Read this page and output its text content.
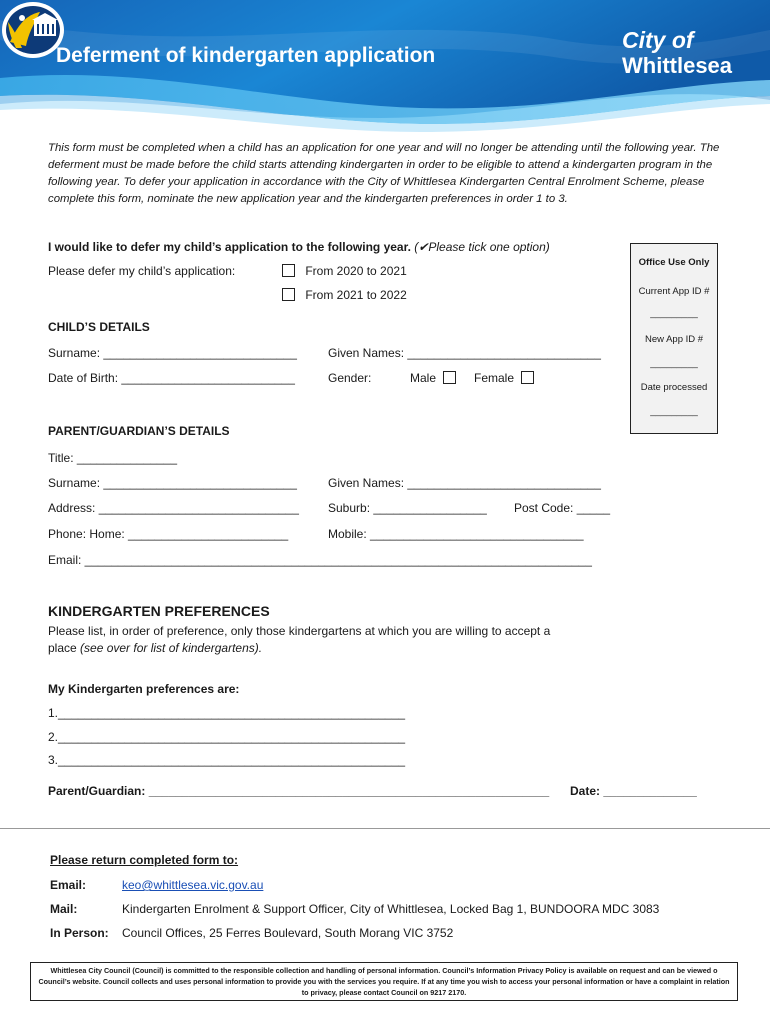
Deferment of kindergarten application
City of
Whittlesea
This form must be completed when a child has an application for one year and will no longer be attending until the following year. The deferment must be made before the child starts attending kindergarten in order to be eligible to attend a kindergarten program in the following year. To defer your application in accordance with the City of Whittlesea Kindergarten Central Enrolment Scheme, please complete this form, nominate the new application year and the kindergarten preferences in order 1 to 3.
I would like to defer my child’s application to the following year. (✔Please tick one option)
Please defer my child’s application:	From 2020 to 2021
From 2021 to 2022
Office Use Only
Current App ID #
_________
New App ID #
_________
Date processed
_________
CHILD’S DETAILS
Surname: _____________________________	Given Names: _____________________________
Date of Birth: __________________________	Gender:	Male	Female
PARENT/GUARDIAN’S DETAILS
Title: _______________
Surname: _____________________________	Given Names: _____________________________
Address: ______________________________ Suburb: _________________ Post Code: _____
Phone: Home: ________________________	Mobile: ________________________________
Email: ____________________________________________________________________________
KINDERGARTEN PREFERENCES
Please list, in order of preference, only those kindergartens at which you are willing to accept a
place (see over for list of kindergartens).
My Kindergarten preferences are:
1.____________________________________________________
2.____________________________________________________
3.____________________________________________________
Parent/Guardian: ____________________________________________________________ Date: ______________
Please return completed form to:
Email:	keo@whittlesea.vic.gov.au
Mail:	Kindergarten Enrolment & Support Officer, City of Whittlesea, Locked Bag 1, BUNDOORA MDC 3083
In Person: Council Offices, 25 Ferres Boulevard, South Morang VIC 3752
Whittlesea City Council (Council) is committed to the responsible collection and handling of personal information. Council’s Information Privacy Policy is available on request and can be viewed o Council’s website. Council collects and uses personal information to provide you with the services you require. If at any time you wish to access your personal information or have a complaint in relation to privacy, please contact Council on 9217 2170.
